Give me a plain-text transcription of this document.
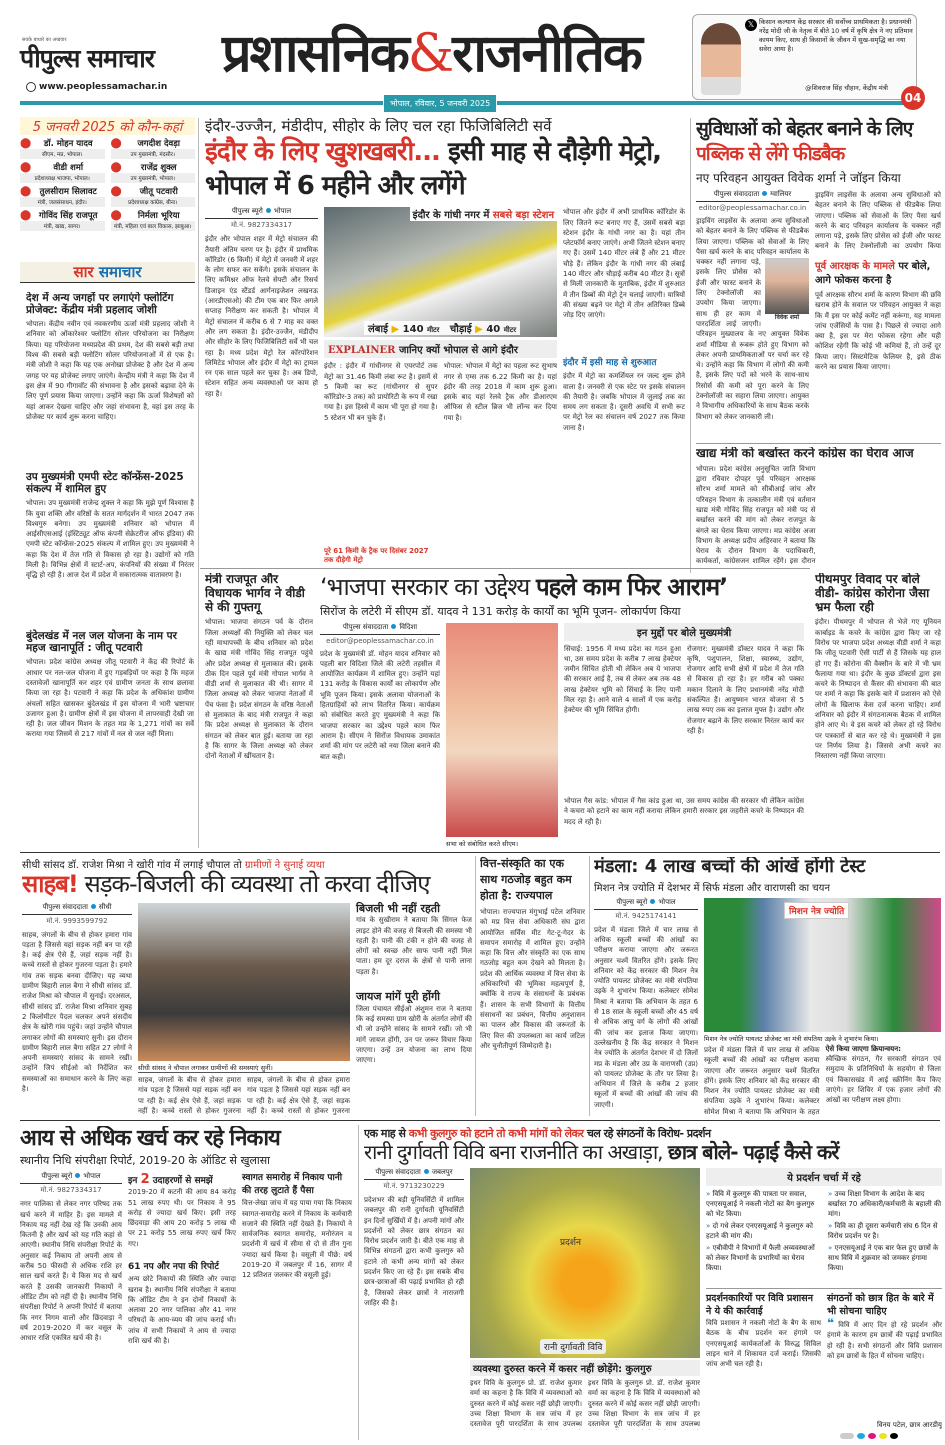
सवके बाधारे का अखवार
पीपुल्स समाचार
www.peoplessamachar.in
प्रशासनिक & राजनीतिक
भोपाल, रविवार, 5 जनवरी 2025
𝕏 किसान कल्याण केंद्र सरकार की सर्वोच्च प्राथमिकता है। प्रधानमंत्री नरेंद्र मोदी जी के नेतृत्व में बीते 10 वर्ष में कृषि क्षेत्र ने नए प्रतिमान कायम किए, साथ ही किसानों के जीवन में सुख-समृद्धि का नया सवेरा आया है।
@शिवराज सिंह चौहान, केंद्रीय मंत्री
04
5 जनवरी 2025 को कौन-कहां
⬤	डॉ. मोहन यादव
सीएम, मप्र, भोपाल।
⬤	जगदीश देवड़ा
उप मुख्यमंत्री, मंदसौर।
⬤	वीडी शर्मा
प्रदेशाध्यक्ष भाजपा, भोपाल।
⬤	राजेंद्र शुक्ल
उप मुख्यमंत्री, भोपाल।
⬤ तुलसीराम सिलावट
मंत्री, जलसंसाधन, इंदौर।
⬤	जीतू पटवारी
प्रदेशाध्यक्ष कांग्रेस, बीना।
⬤ गोविंद सिंह राजपूत
मंत्री, खाद्य, सागर।
⬤	निर्मला भूरिया
मंत्री, महिला एवं बाल विकास, झाबुआ।
सार समाचार
देश में अन्य जगहों पर लगाएंगे फ्लोटिंग प्रोजेक्ट: केंद्रीय मंत्री प्रहलाद जोशी
भोपाल। केंद्रीय नवीन एवं नवकरणीय ऊर्जा मंत्री प्रहलाद जोशी ने शनिवार को ओंकारेश्वर फ्लोटिंग सोलर परियोजना का निरीक्षण किया। यह परियोजना मध्यप्रदेश की प्रथम, देश की सबसे बड़ी तथा विश्व की सबसे बड़ी फ्लोटिंग सोलर परियोजनाओं में से एक है। मंत्री जोशी ने कहा कि यह एक अनोखा प्रोजेक्ट है और देश में अन्य जगह पर यह प्रोजेक्ट लगाए जाएंगे। केन्द्रीय मंत्री ने कहा कि देश में इस क्षेत्र में 90 गीगावॉट की संभावना है और इसको बढ़ावा देने के लिए पूर्ण प्रयास किया जाएगा। उन्होंने कहा कि ऊर्जा विशेषज्ञों को यहां आकर देखना चाहिए और जहां संभावना है, वहां इस तरह के प्रोजेक्ट पर कार्य शुरू करना चाहिए।
उप मुख्यमंत्री एमपी स्टेट कॉन्फ्रेंस-2025 संकल्प में शामिल हुए
भोपाल। उप मुख्यमंत्री राजेन्द्र शुक्ल ने कहा कि मुझे पूर्ण विश्वास है कि युवा शक्ति और वरिष्ठों के सतत मार्गदर्शन में भारत 2047 तक विश्वगुरु बनेगा। उप मुख्यमंत्री शनिवार को भोपाल में आईसीएसआई (इंस्टिट्यूट ऑफ कंपनी सेक्रेटरीज ऑफ इंडिया) की एमपी स्टेट कॉन्फ्रेंस-2025 संकल्प में शामिल हुए। उप मुख्यमंत्री ने कहा कि देश में तेज गति से विकास हो रहा है। उद्योगों को गति मिली है। विभिन्न क्षेत्रों में स्टार्ट-अप, कंपनियों की संख्या में निरंतर वृद्धि हो रही है। आज देश में प्रदेश में सकारात्मक वातावरण है।
बुंदेलखंड में नल जल योजना के नाम पर महज खानापूर्ति : जीतू पटवारी
भोपाल। प्रदेश कांग्रेस अध्यक्ष जीतू पटवारी ने केंद्र की रिपोर्ट के आधार पर नल-जल योजना में हुए गड़बड़ियों पर कहा है कि महज दस्तावेजों खानापूर्ति कर शहर एवं ग्रामीण जनता के साथ छलावा किया जा रहा है। पटवारी ने कहा कि प्रदेश के अधिकांश ग्रामीण अंचलों सहित खासकर बुंदेलखंड में इस योजना में भारी भ्रष्टाचार उजागर हुआ है। ग्रामीण क्षेत्रों में इस योजना में लापरवाही देखी जा रही है। जल जीवन मिशन के तहत मप्र के 1,271 गांवों का सर्वे कराया गया जिसमें से 217 गांवों में नल से जल नहीं मिला।
इंदौर-उज्जैन, मंडीदीप, सीहोर के लिए चल रहा फिजिबिलिटी सर्वे
इंदौर के लिए खुशखबरी... इसी माह से दौड़ेगी मेट्रो, भोपाल में 6 महीने और लगेंगे
पीपुल्स ब्यूरो भोपाल
मो.नं. 9827334317
इंदौर और भोपाल शहर में मेट्रो संचालन की तैयारी अंतिम चरण पर है। इंदौर में प्राथमिक कॉरिडोर (6 किमी) में मेट्रो में जनवरी में शहर के लोग सफर कर सकेंगे। इसके संचालन के लिए कमिश्नर ऑफ रेलवे सेफ्टी और रिसर्च डिजाइन एंड स्टैंडर्ड आर्गनाइजेशन लखनऊ (आरडीएसओ) की टीम एक बार फिर अगले सप्ताह निरीक्षण कर सकती है। भोपाल में मेट्रो संचालन में करीब 6 से 7 माह का वक्त और लग सकता है। इंदौर-उज्जैन, मंडीदीप और सीहोर के लिए फिजिबिलिटी सर्वे भी चल रहा है। मध्य प्रदेश मेट्रो रेल कॉरपोरेशन लिमिटेड भोपाल और इंदौर में मेट्रो का ट्रायल रन एक साल पहले कर चुका है। अब डिपो, स्टेशन सहित अन्य व्यवस्थाओं पर काम हो रहा है।
इंदौर के गांधी नगर में सबसे बड़ा स्टेशन
लंबाई ▶ 140 मीटर चौड़ाई ▶ 40 मीटर
EXPLAINER जानिए क्यों भोपाल से आगे इंदौर
इंदौर : इंदौर में गांधीनगर से एयरपोर्ट तक मेट्रो का 31.46 किमी लंबा रूट है। इसमें से 5 किमी का रूट (गांधीनगर से सुपर कॉरिडोर-3 तक) को प्रायोरिटी के रूप में रखा गया है। इस हिस्से में काम भी पूरा हो गया है। 5 स्टेशन भी बन चुके हैं।
पूरे 61 किमी के ट्रैक पर दिसंबर 2027 तक दौड़ेगी मेट्रो
भोपाल: भोपाल में मेट्रो का पहला रूट सुभाष नगर से एम्स तक 6.22 किमी का है। यहां इंदौर की तरह 2018 में काम शुरू हुआ। इसके बाद यहां रेलवे ट्रैक और डीआरएम ऑफिस से स्टील ब्रिज भी लॉन्च कर दिया गया है।
भोपाल और इंदौर में अभी प्राथमिक कॉरिडोर के लिए जितने रूट बनाए गए हैं, उसमें सबसे बड़ा स्टेशन इंदौर के गांधी नगर का है। यहां तीन प्लेटफॉर्म बनाए जाएंगे। अभी जितने स्टेशन बनाए गए हैं। उसमें 140 मीटर लंबे हैं और 21 मीटर चौड़े हैं। लेकिन इंदौर के गांधी नगर की लंबाई 140 मीटर और चौड़ाई करीब 40 मीटर है। सूत्रों से मिली जानकारी के मुताबिक, इंदौर में शुरुआत में तीन डिब्बों की मेट्रो ट्रेन चलाई जाएगी। यात्रियों की संख्या बढ़ने पर मेट्रो में तीन अतिरिक्त डिब्बे जोड़ दिए जाएंगे।
इंदौर में इसी माह से शुरुआत
इंदौर में मेट्रो का कमर्शियल रन जल्द शुरू होने वाला है। जनवरी से एक स्टेट पर इसके संचालन की तैयारी है। जबकि भोपाल में जुलाई तक का समय लग सकता है। दूसरी अवधि में सभी रूट पर मेट्रो रेल का संचालन वर्ष 2027 तक किया जाना है।
सुविधाओं को बेहतर बनाने के लिए पब्लिक से लेंगे फीडबैक
नए परिवहन आयुक्त विवेक शर्मा ने जॉइन किया
पीपुल्स संवाददाता ग्वालियर
editor@peoplessamachar.co.in
विवेक शर्मा
ड्राइविंग लाइसेंस के अलावा अन्य सुविधाओं को बेहतर बनाने के लिए पब्लिक से फीडबैक लिया जाएगा। पब्लिक को सेवाओं के लिए पैसा खर्च करने के बाद परिवहन कार्यालय के चक्कर नहीं लगाना पड़े, इसके लिए प्रोसेस को ईजी और फास्ट बनाने के लिए टेक्नोलॉजी का उपयोग किया जाएगा। साथ ही हर काम में पारदर्शिता लाई जाएगी। परिवहन मुख्यालय के नए आयुक्त विवेक शर्मा मीडिया से रूबरू होते हुए विभाग को लेकर अपनी प्राथमिकताओं पर चर्चा कर रहे थे। उन्होंने कहा कि विभाग में लोगों की कमी है, इसके लिए पदों को भरने के साथ-साथ रिसोर्स की कमी को पूरा करने के लिए टेक्नोलॉजी का सहारा लिया जाएगा। आयुक्त ने विभागीय अधिकारियों के साथ बैठक करके विभाग को लेकर जानकारी ली।
ड्राइविंग लाइसेंस के अलावा अन्य सुविधाओं को बेहतर बनाने के लिए पब्लिक से फीडबैक लिया जाएगा। पब्लिक को सेवाओं के लिए पैसा खर्च करने के बाद परिवहन कार्यालय के चक्कर नहीं लगाना पड़े, इसके लिए प्रोसेस को ईजी और फास्ट बनाने के लिए टेक्नोलॉजी का उपयोग किया
पूर्व आरक्षक के मामले पर बोले, आगे फोकस करना है
पूर्व आरक्षक सौरभ शर्मा के कारण विभाग की छवि खराब होने के सवाल पर परिवहन आयुक्त ने कहा कि मैं इस पर कोई कमेंट नहीं करूंगा, यह मामला जांच एजेंसियों के पास है। पिछले से ज्यादा आगे क्या है, इस पर मेरा फोकस रहेगा और यही कोशिश रहेगी कि कोई भी कमियां हैं, तो उन्हें दूर किया जाए। सिस्टमेटिक फेलियर है, इसे ठीक करने का प्रयास किया जाएगा।
खाद्य मंत्री को बर्खास्त करने कांग्रेस का घेराव आज
भोपाल। प्रदेश कांग्रेस अनुसूचित जाति विभाग द्वारा रविवार दोपहर पूर्व परिवहन आरक्षक सौरभ शर्मा मामले को सीबीआई जांच और परिवहन विभाग के तत्कालीन मंत्री एवं वर्तमान खाद्य मंत्री गोविंद सिंह राजपूत को मंत्री पद से बर्खास्त करने की मांग को लेकर राजपूत के बंगले का घेराव किया जाएगा। मप्र कांग्रेस अजा विभाग के अध्यक्ष प्रदीप अहिरवार ने बताया कि घेराव के दौरान विभाग के पदाधिकारी, कार्यकर्ता, कांग्रेसजन शामिल रहेंगे। इस दौरान
पीथमपुर विवाद पर बोले वीडी- कांग्रेस कोरोना जैसा भ्रम फैला रही
इंदौर। पीथमपुर में भोपाल से भेजे गए यूनियन कार्बाइड के कचरे के कांग्रेस द्वारा किए जा रहे विरोध पर भाजपा प्रदेश अध्यक्ष वीडी शर्मा ने कहा कि जीतू पटवारी ऐसी पार्टी से हैं जिसके यह हाल हो गए हैं। कोरोना की वैक्सीन के बारे में भी भ्रम फैलाया गया था। इंदौर के कुछ डॉक्टर्स द्वारा इस कचरे के निष्पादन से कैंसर की संभावना की बात पर शर्मा ने कहा कि इसके बारे में प्रशासन को ऐसे लोगों के खिलाफ केस दर्ज करना चाहिए। शर्मा शनिवार को इंदौर में संगठनात्मक बैठक में शामिल होने आए थे। वे इस कचरे को लेकर हो रहे विरोध पर पत्रकारों से बात कर रहे थे। मुख्यमंत्री ने इस पर निर्णय लिया है। जिससे अभी कचरे का निस्तारण नहीं किया जाएगा।
मंत्री राजपूत और विधायक भार्गव ने वीडी से की गुफ्तगू
भोपाल। भाजपा संगठन पर्व के दौरान जिला अध्यक्षों की नियुक्ति को लेकर चल रही माथापच्ची के बीच शनिवार को प्रदेश के खाद्य मंत्री गोविंद सिंह राजपूत पहुंचे और प्रदेश अध्यक्ष से मुलाकात की। इसके ठीक दिन पहले पूर्व मंत्री गोपाल भार्गव ने वीडी शर्मा से मुलाकात की थी। सागर में जिला अध्यक्ष को लेकर भाजपा नेताओं में पेंच फंसा है। प्रदेश संगठन के वरिष्ठ नेताओं से मुलाकात के बाद मंत्री राजपूत ने कहा कि प्रदेश अध्यक्ष से मुलाकात के दौरान संगठन को लेकर बात हुई। बताया जा रहा है कि सागर के जिला अध्यक्ष को लेकर दोनों नेताओं में खींचतान है।
‘भाजपा सरकार का उद्देश्य पहले काम फिर आराम’
सिरोंज के लटेरी में सीएम डॉ. यादव ने 131 करोड़ के कार्यों का भूमि पूजन- लोकार्पण किया
पीपुल्स संवाददाता विदिशा
editor@peoplessamachar.co.in
प्रदेश के मुख्यमंत्री डॉ. मोहन यादव शनिवार को पहली बार विदिशा जिले की लटेरी तहसील में आयोजित कार्यक्रम में शामिल हुए। उन्होंने यहां 131 करोड़ के विकास कार्यों का लोकार्पण और भूमि पूजन किया। इसके अलावा योजनाओं के हितग्राहियों को लाभ वितरित किया। कार्यक्रम को संबोधित करते हुए मुख्यमंत्री ने कहा कि भाजपा सरकार का उद्देश्य पहले काम फिर आराम है। सीएम ने सिरोंज विधायक उमाकांत शर्मा की मांग पर लटेरी को नया जिला बनाने की बात कही।
सभा को संबोधित करते सीएम।
इन मुद्दों पर बोले मुख्यमंत्री
सिंचाई: 1956 में मध्य प्रदेश का गठन हुआ था, उस समय प्रदेश के करीब 7 लाख हेक्टेयर जमीन सिंचित होती थी लेकिन अब ये भाजपा की सरकार आई है, तब से लेकर अब तक 48 लाख हेक्टेयर भूमि को सिंचाई के लिए पानी मिल रहा है। आने वाले 4 सालों में एक करोड़ हेक्टेयर की भूमि सिंचित होगी।
रोजगार: मुख्यमंत्री डॉक्टर यादव ने कहा कि कृषि, पशुपालन, शिक्षा, स्वास्थ्य, उद्योग, रोजगार आदि सभी क्षेत्रों में प्रदेश में तेज गति से विकास हो रहा है। हर गरीब को पक्का मकान दिलाने के लिए प्रधानमंत्री नरेंद्र मोदी संकल्पित हैं। आयुष्मान भारत योजना से 5 लाख रुपए तक का इलाज मुफ्त है। उद्योग और रोजगार बढ़ाने के लिए सरकार निरंतर कार्य कर रही है।
भोपाल गैस कांड: भोपाल में गैस कांड हुआ था, उस समय कांग्रेस की सरकार थी लेकिन कांग्रेस ने कचरा को हटाने का काम नहीं कराया लेकिन हमारी सरकार इस जहरीले कचरे के निष्पादन की मदद ले रही है।
सीधी सांसद डॉ. राजेश मिश्रा ने खोरी गांव में लगाई चौपाल तो ग्रामीणों ने सुनाई व्यथा
साहब! सड़क-बिजली की व्यवस्था तो करवा दीजिए
पीपुल्स संवाददाता सीधी
मो.नं. 9993599792
साहब, जंगलों के बीच से होकर हमारा गांव पड़ता है जिससे यहां सड़क नहीं बन पा रही है। कई क्षेत्र ऐसे हैं, जहां सड़क नहीं है। कच्चे रास्तों से होकर गुजरना पड़ता है। हमारे गांव तक सड़क बनवा दीजिए। यह व्यथा ग्रामीण बिहारी लाल बैगा ने सीधी सांसद डॉ. राजेश मिश्रा को चौपाल में सुनाई। दरअसल, सीधी सांसद डॉ. राजेश मिश्रा शनिवार सुबह 2 किलोमीटर पैदल चलकर अपने संसदीय क्षेत्र के खोरी गांव पहुंचे। जहां उन्होंने चौपाल लगाकर लोगों की समस्याएं सुनी। इस दौरान ग्रामीण बिहारी लाल बैगा सहित 27 लोगों ने अपनी समस्याएं सांसद के सामने रखीं। उन्होंने जिपं सीईओ को निर्देशित कर समस्याओं का समाधान करने के लिए कहा है।
सीधी सांसद ने चौपाल लगाकर ग्रामीणों की समस्याएं सुनीं।
साहब, जंगलों के बीच से होकर हमारा गांव पड़ता है जिससे यहां सड़क नहीं बन पा रही है। कई क्षेत्र ऐसे हैं, जहां सड़क नहीं है। कच्चे रास्तों से होकर गुजरना
साहब, जंगलों के बीच से होकर हमारा गांव पड़ता है जिससे यहां सड़क नहीं बन पा रही है। कई क्षेत्र ऐसे हैं, जहां सड़क नहीं है। कच्चे रास्तों से होकर गुजरना
बिजली भी नहीं रहती
गांव के सुखीराम ने बताया कि सिंगल फेज लाइट होने की वजह से बिजली की समस्या भी रहती है। पानी की टंकी न होने की वजह से लोगों को स्वच्छ और साफ पानी नहीं मिल पाता। हम दूर दराज के क्षेत्रों से पानी लाना पड़ता है।
जायज मांगें पूरी होंगी
जिला पंचायत सीईओ अंशुमन राज ने बताया कि कई समस्या ग्राम खोरी के अंतर्गत लोगों की थी जो उन्होंने सांसद के सामने रखीं। जो भी मांगें जायज होंगी, उन पर जरूर विचार किया जाएगा। उन्हें उन योजना का लाभ दिया जाएगा।
वित्त-संस्कृति का एक साथ गठजोड़ बहुत कम होता है: राज्यपाल
भोपाल। राज्यपाल मंगुभाई पटेल शनिवार को मप्र वित्त सेवा अधिकारी संघ द्वारा आयोजित सर्विस मीट गेट-टू-गेदर के समापन समारोह में शामिल हुए। उन्होंने कहा कि वित्त और संस्कृति का एक साथ गठजोड़ बहुत कम देखने को मिलता है। प्रदेश की आर्थिक व्यवस्था में वित्त सेवा के अधिकारियों की भूमिका महत्वपूर्ण है, क्योंकि वे राज्य के संसाधनों के प्रबंधक हैं। शासन के सभी विभागों के वित्तीय संसाधनों का प्रबंधन, वित्तीय अनुशासन का पालन और विकास की जरूरतों के लिए वित्त की उपलब्धता का कार्य जटिल और चुनौतीपूर्ण जिम्मेदारी है।
मंडला: 4 लाख बच्चों की आंखें होंगी टेस्ट
मिशन नेत्र ज्योति में देशभर में सिर्फ मंडला और वाराणसी का चयन
पीपुल्स ब्यूरो भोपाल
मो.नं. 9425174141
प्रदेश में मंडला जिले में चार लाख से अधिक स्कूली बच्चों की आंखों का परीक्षण कराया जाएगा और जरूरत अनुसार चश्में वितरित होंगे। इसके लिए शनिवार को केंद्र सरकार की मिशन नेत्र ज्योति पायलट प्रोजेक्ट का मंत्री संपतिया उइके ने शुभारंभ किया। कलेक्टर सोमेश मिश्रा ने बताया कि अभियान के तहत 6 से 18 साल के स्कूली बच्चों और 45 वर्ष से अधिक आयु वर्ग के लोगों की आंखों की जांच कर इलाज किया जाएगा। उल्लेखनीय है कि केंद्र सरकार ने मिशन नेत्र ज्योति के अंतर्गत देशभर में दो जिलों मप्र के मंडला और उप्र के वाराणसी (उप्र) को पायलट प्रोजेक्ट के तौर पर लिया है। अभियान में जिले के करीब 2 हजार स्कूलों में बच्चों की आंखों की जांच की जाएगी।
मिशन नेत्र ज्योति
मिशन नेत्र ज्योति पायलट प्रोजेक्ट का मंत्री संपतिया उइके ने शुभारंभ किया।
प्रदेश में मंडला जिले में चार लाख से अधिक स्कूली बच्चों की आंखों का परीक्षण कराया जाएगा और जरूरत अनुसार चश्में वितरित होंगे। इसके लिए शनिवार को केंद्र सरकार की मिशन नेत्र ज्योति पायलट प्रोजेक्ट का मंत्री संपतिया उइके ने शुभारंभ किया। कलेक्टर सोमेश मिश्रा ने बताया कि अभियान के तहत
ऐसे किया जाएगा क्रियान्वयन:
स्वैच्छिक संगठन, गैर सरकारी संगठन एवं समुदाय के प्रतिनिधियों के सहयोग से जिला एवं विकासखंड में आई स्क्रीनिंग कैंप किए जाएंगे। हर शिविर में एक हजार लोगों की आंखों का परीक्षण लक्ष्य होगा।
आय से अधिक खर्च कर रहे निकाय
स्थानीय निधि संपरीक्षा रिपोर्ट, 2019-20 के ऑडिट से खुलासा
पीपुल्स ब्यूरो भोपाल
मो.नं. 9827334317
नगर पालिका से लेकर नगर परिषद तक खर्च करने में माहिर हैं। इस मामले में निकाय यह नहीं देख रहे कि उनकी आय कितनी है और खर्च को यह गति कहां से आएगी। स्थानीय निधि संपरीक्षा रिपोर्ट के अनुसार कई निकाय तो अपनी आय से करीब 50 फीसदी से अधिक राशि हर साल खर्च करते हैं। ये किस मद से खर्च करते हैं उसकी जानकारी निकायों ने ऑडिट टीम को नहीं दी है। स्थानीय निधि संपरीक्षा रिपोर्ट ने अपनी रिपोर्ट में बताया कि नगर निगम वालों और छिंदवाड़ा ने वर्ष 2019-2020 में कर वसूल के आधार राशि एकत्रित खर्च की है।
इन 2 उदाहरणों से समझें
2019-20 में कटनी की आय 84 करोड़ 51 लाख रुपए थी। पर निकाय ने 95 करोड़ से ज्यादा खर्च किए। इसी तरह छिंदवाड़ा की आय 20 करोड़ 5 लाख थी पर 21 करोड़ 55 लाख रुपए खर्च किए गए।
61 नप और नपा की रिपोर्ट
अन्य छोटे निकायों की स्थिति और ज्यादा खराब है। स्थानीय निधि संपरीक्षा ने बताया कि ऑडिट टीम ने इन दोनों निकायों के अलावा 20 नगर पालिका और 41 नगर परिषदों के आय-व्यय की जांच कराई थी। जांच में सभी निकायों ने आय से ज्यादा राशि खर्च की है।
स्वागत समारोह में निकाय पानी की तरह लुटाते हैं पैसा
वित्त-लेखा जांच में यह पाया गया कि निकाय स्वागत-समारोह करने में निकाय के कर्मचारी सजाने की स्थिति नहीं देखते हैं। निकायों ने सार्वजनिक स्वागत समारोह, मनोरंजन व प्रदर्शनी में खर्च में सीमा से दो से तीन गुना ज्यादा खर्च किया है। वसूली में पीछे: वर्ष 2019-20 में जबलपुर में 16, सागर में 12 प्रतिशत जलकर की वसूली हुई।
एक माह से कभी कुलगुरु को हटाने तो कभी मांगों को लेकर चल रहे संगठनों के विरोध- प्रदर्शन
रानी दुर्गावती विवि बना राजनीति का अखाड़ा, छात्र बोले- पढ़ाई कैसे करें
पीपुल्स संवाददाता जबलपुर
मो.नं. 9713230229
प्रदेशभर की बड़ी यूनिवर्सिटी में शामिल जबलपुर की रानी दुर्गावती यूनिवर्सिटी इन दिनों सुर्खियों में है। अपनी मांगों और प्रदर्शनों को लेकर छात्र संगठन का विरोध प्रदर्शन जारी है। बीते एक माह से विभिन्न संगठनों द्वारा कभी कुलगुरु को हटाने तो कभी अन्य मांगों को लेकर प्रदर्शन किए जा रहे हैं। इस सबके बीच छात्र-छात्राओं की पढ़ाई प्रभावित हो रही है, जिसको लेकर छात्रों ने नाराजगी जाहिर की है।
प्रदर्शन
रानी दुर्गावती विवि
व्यवस्था दुरुस्त करने में कसर नहीं छोड़ेंगे: कुलगुरु
इधर विवि के कुलगुरु प्रो. डॉ. राजेश कुमार वर्मा का कहना है कि विवि में व्यवस्थाओं को दुरुस्त करने में कोई कसर नहीं छोड़ी जाएगी। उच्च शिक्षा विभाग के सत्र जांच में हर दस्तावेज पूरी पारदर्शिता के साथ उपलब्ध
इधर विवि के कुलगुरु प्रो. डॉ. राजेश कुमार वर्मा का कहना है कि विवि में व्यवस्थाओं को दुरुस्त करने में कोई कसर नहीं छोड़ी जाएगी। उच्च शिक्षा विभाग के सत्र जांच में हर दस्तावेज पूरी पारदर्शिता के साथ उपलब्ध
ये प्रदर्शन चर्चा में रहे
» विवि में कुलगुरु की पात्रता पर सवाल, एनएसयूआई ने नकली नोटों का बैग कुलगुरु को भेंट किया।
» दो गधे लेकर एनएसयूआई ने कुलगुरु को हटाने की मांग की।
» एबीवीपी ने विभागों में फैली अव्यवस्थाओं को लेकर विभागों के प्रभारियों का घेराव किया।
» उच्च शिक्षा विभाग के आदेश के बाद बर्खास्त 70 अधिकारी/कर्मचारी के बहाली की मांग।
» विवि का ही दूसरा कर्मचारी संघ 6 दिन से विरोध प्रदर्शन पर है।
» एनएसयूआई ने एक बार फेल हुए छात्रों के साथ विवि में शुक्रवार को जमकर हंगामा किया।
प्रदर्शनकारियों पर विवि प्रशासन ने ये की कार्रवाई
विवि प्रशासन ने नकली नोटों के बैग के साथ बैठक के बीच प्रदर्शन कर हंगामे पर एनएसयूआई कार्यकर्ताओं के विरुद्ध सिविल लाइन थाने में शिकायत दर्ज कराई। जिसकी जांच अभी चल रही है।
संगठनों को छात्र हित के बारे में भी सोचना चाहिए
❝ विवि में आए दिन हो रहे प्रदर्शन और हंगामे के कारण हम छात्रों की पढ़ाई प्रभावित हो रही है। सभी संगठनों और विवि प्रशासन को हम छात्रों के हित में सोचना चाहिए।
विनय पटेल, छात्र आरडीयू
